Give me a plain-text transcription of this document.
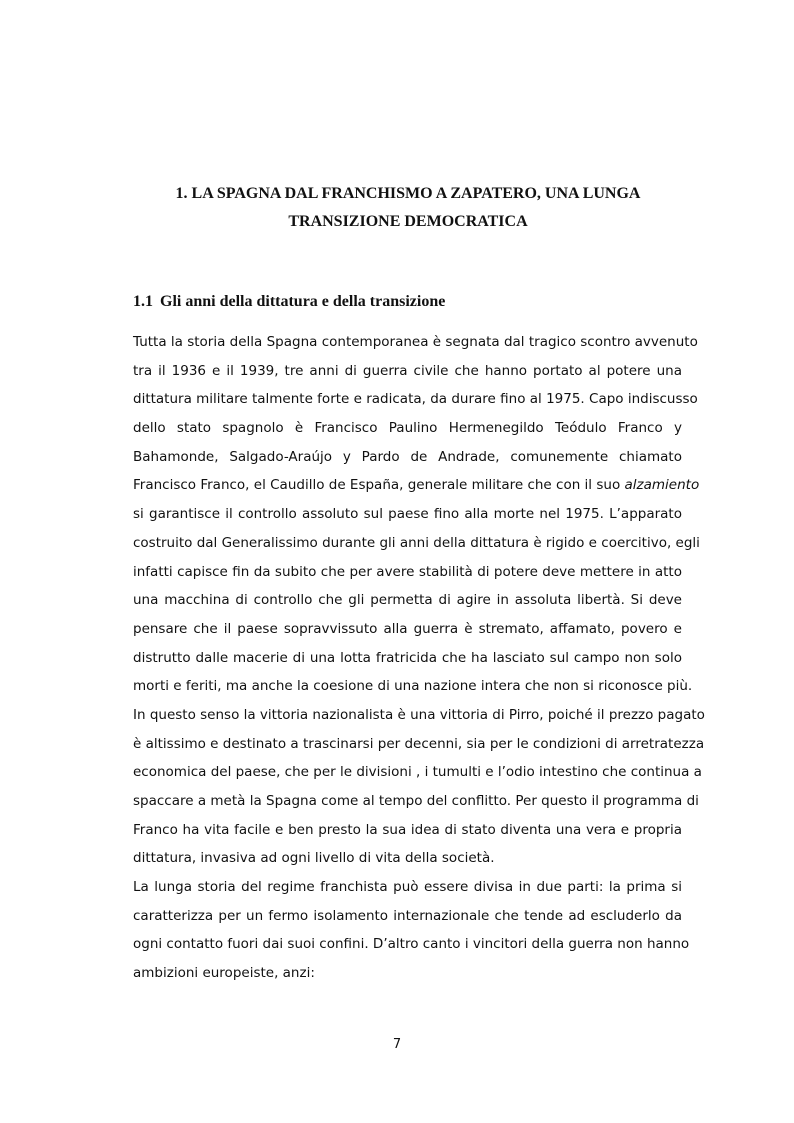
1. LA SPAGNA DAL FRANCHISMO A ZAPATERO, UNA LUNGA
TRANSIZIONE DEMOCRATICA
1.1 Gli anni della dittatura e della transizione
Tutta la storia della Spagna contemporanea è segnata dal tragico scontro avvenuto
tra il 1936 e il 1939, tre anni di guerra civile che hanno portato al potere una
dittatura militare talmente forte e radicata, da durare fino al 1975. Capo indiscusso
dello stato spagnolo è Francisco Paulino Hermenegildo Teódulo Franco y
Bahamonde, Salgado-Araújo y Pardo de Andrade, comunemente chiamato
Francisco Franco, el Caudillo de España, generale militare che con il suo alzamiento
si garantisce il controllo assoluto sul paese fino alla morte nel 1975. L’apparato
costruito dal Generalissimo durante gli anni della dittatura è rigido e coercitivo, egli
infatti capisce fin da subito che per avere stabilità di potere deve mettere in atto
una macchina di controllo che gli permetta di agire in assoluta libertà. Si deve
pensare che il paese sopravvissuto alla guerra è stremato, affamato, povero e
distrutto dalle macerie di una lotta fratricida che ha lasciato sul campo non solo
morti e feriti, ma anche la coesione di una nazione intera che non si riconosce più.
In questo senso la vittoria nazionalista è una vittoria di Pirro, poiché il prezzo pagato
è altissimo e destinato a trascinarsi per decenni, sia per le condizioni di arretratezza
economica del paese, che per le divisioni , i tumulti e l’odio intestino che continua a
spaccare a metà la Spagna come al tempo del conflitto. Per questo il programma di
Franco ha vita facile e ben presto la sua idea di stato diventa una vera e propria
dittatura, invasiva ad ogni livello di vita della società.
La lunga storia del regime franchista può essere divisa in due parti: la prima si
caratterizza per un fermo isolamento internazionale che tende ad escluderlo da
ogni contatto fuori dai suoi confini. D’altro canto i vincitori della guerra non hanno
ambizioni europeiste, anzi:
7
